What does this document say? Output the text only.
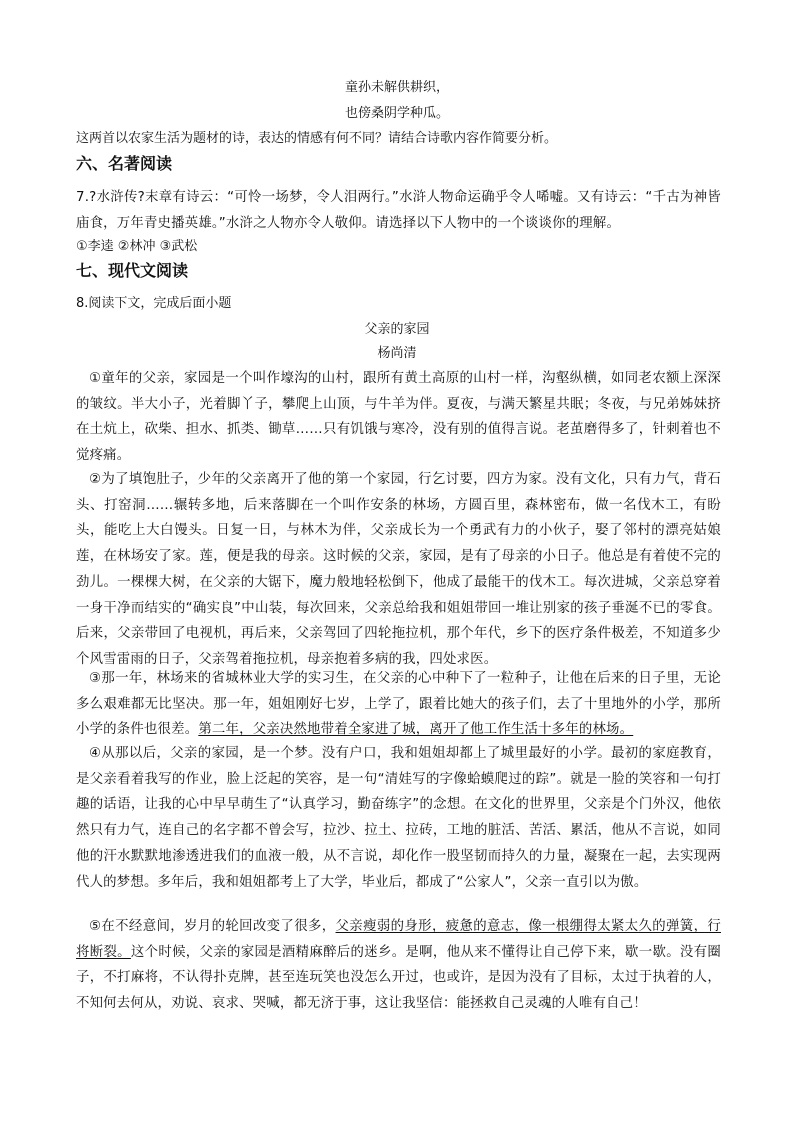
童孙未解供耕织，
也傍桑阴学种瓜。
这两首以农家生活为题材的诗，表达的情感有何不同？请结合诗歌内容作简要分析。
六、名著阅读
7.?水浒传?末章有诗云：“可怜一场梦，令人泪两行。”水浒人物命运确乎令人唏嘘。又有诗云：“千古为神皆庙食，万年青史播英雄。”水浒之人物亦令人敬仰。请选择以下人物中的一个谈谈你的理解。
①李逵 ②林冲 ③武松
七、现代文阅读
8.阅读下文，完成后面小题
父亲的家园
杨尚清
①童年的父亲，家园是一个叫作壕沟的山村，跟所有黄土高原的山村一样，沟壑纵横，如同老农额上深深的皱纹。半大小子，光着脚丫子，攀爬上山顶，与牛羊为伴。夏夜，与满天繁星共眠；冬夜，与兄弟姊妹挤在土炕上，砍柴、担水、抓类、锄草……只有饥饿与寒冷，没有别的值得言说。老茧磨得多了，针刺着也不觉疼痛。
②为了填饱肚子，少年的父亲离开了他的第一个家园，行乞讨要，四方为家。没有文化，只有力气，背石头、打窑洞……辗转多地，后来落脚在一个叫作安条的林场，方圆百里，森林密布，做一名伐木工，有盼头，能吃上大白馒头。日复一日，与林木为伴，父亲成长为一个勇武有力的小伙子，娶了邻村的漂亮姑娘莲，在林场安了家。莲，便是我的母亲。这时候的父亲，家园，是有了母亲的小日子。他总是有着使不完的劲儿。一棵棵大树，在父亲的大锯下，魔力般地轻松倒下，他成了最能干的伐木工。每次进城，父亲总穿着一身干净而结实的“确实良”中山装，每次回来，父亲总给我和姐姐带回一堆让别家的孩子垂涎不已的零食。后来，父亲带回了电视机，再后来，父亲驾回了四轮拖拉机，那个年代，乡下的医疗条件极差，不知道多少个风雪雷雨的日子，父亲驾着拖拉机，母亲抱着多病的我，四处求医。
③那一年，林场来的省城林业大学的实习生，在父亲的心中种下了一粒种子，让他在后来的日子里，无论多么艰难都无比坚决。那一年，姐姐刚好七岁，上学了，跟着比她大的孩子们，去了十里地外的小学，那所小学的条件也很差。第二年，父亲决然地带着全家进了城，离开了他工作生活十多年的林场。
④从那以后，父亲的家园，是一个梦。没有户口，我和姐姐却都上了城里最好的小学。最初的家庭教育，是父亲看着我写的作业，脸上泛起的笑容，是一句“清娃写的字像蛤蟆爬过的踪”。就是一脸的笑容和一句打趣的话语，让我的心中早早萌生了“认真学习，勤奋练字”的念想。在文化的世界里，父亲是个门外汉，他依然只有力气，连自己的名字都不曾会写，拉沙、拉土、拉砖，工地的脏活、苦活、累活，他从不言说，如同他的汗水默默地渗透进我们的血液一般，从不言说，却化作一股坚韧而持久的力量，凝聚在一起，去实现两代人的梦想。多年后，我和姐姐都考上了大学，毕业后，都成了“公家人”，父亲一直引以为傲。
⑤在不经意间，岁月的轮回改变了很多，父亲瘦弱的身形，疲惫的意志，像一根绷得太紧太久的弹簧，行将断裂。这个时候，父亲的家园是酒精麻醉后的迷乡。是啊，他从来不懂得让自己停下来，歇一歇。没有圈子，不打麻将，不认得扑克牌，甚至连玩笑也没怎么开过，也或许，是因为没有了目标，太过于执着的人，不知何去何从，劝说、哀求、哭喊，都无济于事，这让我坚信：能拯救自己灵魂的人唯有自己！
